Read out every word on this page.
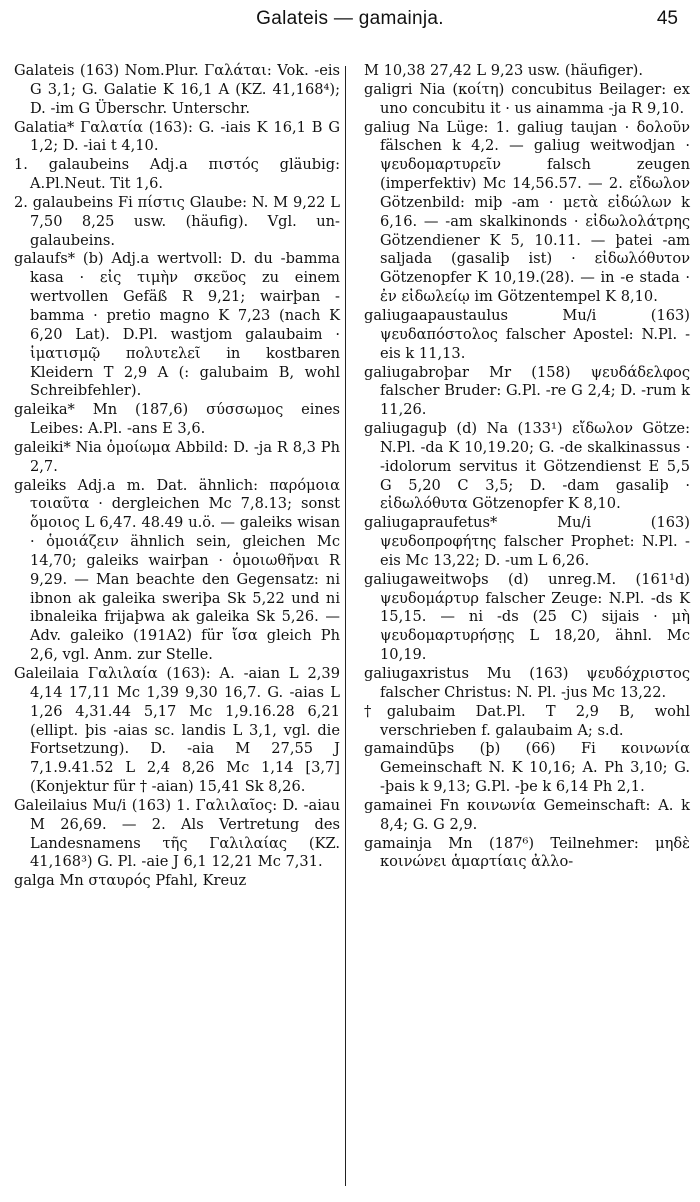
Galateis — gamainja.	45

Galateis (163) Nom.Plur. Γαλάται: Vok. -eis G 3,1; G. Galatie K 16,1 A (KZ. 41,168⁴); D. -im G Überschr. Unterschr.

Galatia* Γαλατία (163): G. -iais K 16,1 B G 1,2; D. -iai t 4,10.

1. galaubeins Adj.a πιστός gläubig: A.Pl.Neut. Tit 1,6.

2. galaubeins Fi πίστις Glaube: N. M 9,22 L 7,50 8,25 usw. (häufig). Vgl. un-galaubeins.

galaufs* (b) Adj.a wertvoll: D. du -bamma kasa · εἰς τιμὴν σκεῦος zu einem wertvollen Gefäß R 9,21; wairþan -bamma · pretio magno K 7,23 (nach K 6,20 Lat). D.Pl. wastjom galaubaim · ἱματισμῷ πολυτελεῖ in kostbaren Kleidern T 2,9 A (: galubaim B, wohl Schreibfehler).

galeika* Mn (187,6) σύσσωμος eines Leibes: A.Pl. -ans E 3,6.

galeiki* Nia ὁμοίωμα Abbild: D. -ja R 8,3 Ph 2,7.

galeiks Adj.a m. Dat. ähnlich: παρόμοια τοιαῦτα · dergleichen Mc 7,8.13; sonst ὅμοιος L 6,47. 48.49 u.ö. — galeiks wisan · ὁμοιάζειν ähnlich sein, gleichen Mc 14,70; galeiks wairþan · ὁμοιωθῆναι R 9,29. — Man beachte den Gegensatz: ni ibnon ak galeika sweriþa Sk 5,22 und ni ibnaleika frijaþwa ak galeika Sk 5,26. — Adv. galeiko (191A2) für ἴσα gleich Ph 2,6, vgl. Anm. zur Stelle.

Galeilaia Γαλιλαία (163): A. -aian L 2,39 4,14 17,11 Mc 1,39 9,30 16,7. G. -aias L 1,26 4,31.44 5,17 Mc 1,9.16.28 6,21 (ellipt. þis -aias sc. landis L 3,1, vgl. die Fortsetzung). D. -aia M 27,55 J 7,1.9.41.52 L 2,4 8,26 Mc 1,14 [3,7] (Konjektur für † -aian) 15,41 Sk 8,26.

Galeilaius Mu/i (163) 1. Γαλιλαῖος: D. -aiau M 26,69. — 2. Als Vertretung des Landesnamens τῆς Γαλιλαίας (KZ. 41,168³) G. Pl. -aie J 6,1 12,21 Mc 7,31.

galga Mn σταυρός Pfahl, Kreuz

M 10,38 27,42 L 9,23 usw. (häufiger).

galigri Nia (κοίτη) concubitus Beilager: ex uno concubitu it · us ainamma -ja R 9,10.

galiug Na Lüge: 1. galiug taujan · δολοῦν fälschen k 4,2. — galiug weitwodjan · ψευδομαρτυρεῖν falsch zeugen (imperfektiv) Mc 14,56.57. — 2. εἴδωλον Götzenbild: miþ -am · μετὰ εἰδώλων k 6,16. — -am skalkinonds · εἰδωλολάτρης Götzendiener K 5, 10.11. — þatei -am saljada (gasaliþ ist) · εἰδωλόθυτον Götzenopfer K 10,19.(28). — in -e stada · ἐν εἰδωλείῳ im Götzentempel K 8,10.

galiugaapaustaulus Mu/i (163) ψευδαπόστολος falscher Apostel: N.Pl. -eis k 11,13.

galiugabroþar Mr (158) ψευδάδελφος falscher Bruder: G.Pl. -re G 2,4; D. -rum k 11,26.

galiugaguþ (d) Na (133¹) εἴδωλον Götze: N.Pl. -da K 10,19.20; G. -de skalkinassus · -idolorum servitus it Götzendienst E 5,5 G 5,20 C 3,5; D. -dam gasaliþ · εἰδωλόθυτα Götzenopfer K 8,10.

galiugapraufetus* Mu/i (163) ψευδοπροφήτης falscher Prophet: N.Pl. -eis Mc 13,22; D. -um L 6,26.

galiugaweitwoþs (d) unreg.M. (161¹d) ψευδομάρτυρ falscher Zeuge: N.Pl. -ds K 15,15. — ni -ds (25 C) sijais · μὴ ψευδομαρτυρήσῃς L 18,20, ähnl. Mc 10,19.

galiugaxristus Mu (163) ψευδόχριστος falscher Christus: N. Pl. -jus Mc 13,22.

†galubaim Dat.Pl. T 2,9 B, wohl verschrieben f. galaubaim A; s.d.

gamaindūþs (þ) (66) Fi κοινωνία Gemeinschaft N. K 10,16; A. Ph 3,10; G. -þais k 9,13; G.Pl. -þe k 6,14 Ph 2,1.

gamainei Fn κοινωνία Gemeinschaft: A. k 8,4; G. G 2,9.

gamainja Mn (187⁶) Teilnehmer: μηδὲ κοινώνει ἁμαρτίαις ἀλλο-
